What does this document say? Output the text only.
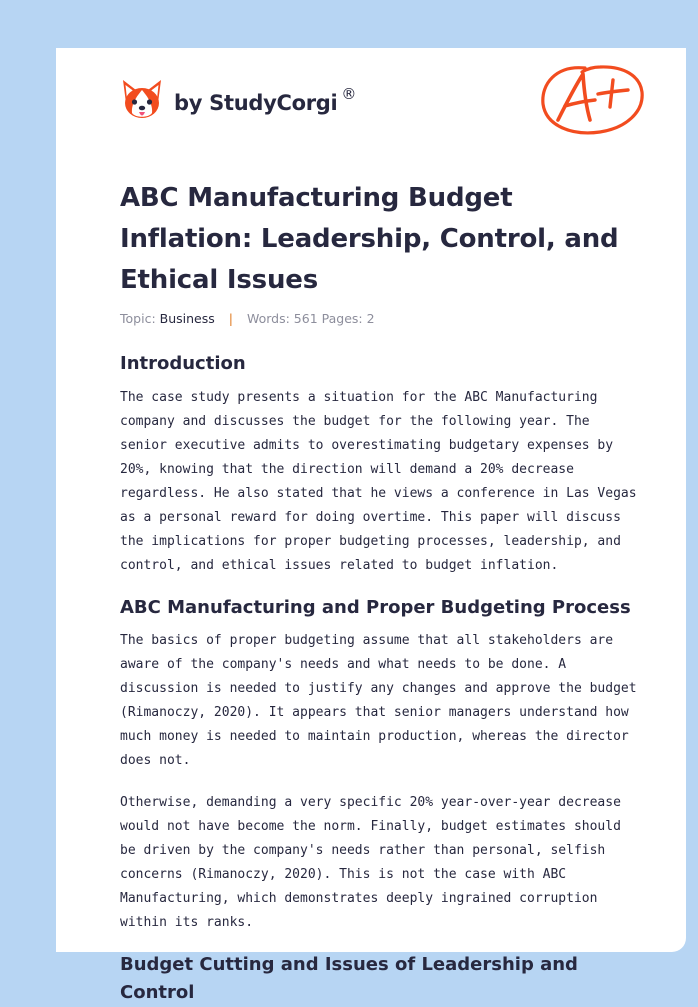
by StudyCorgi ®
ABC Manufacturing Budget Inflation: Leadership, Control, and Ethical Issues
Topic: Business | Words: 561 Pages: 2
Introduction

The case study presents a situation for the ABC Manufacturing company and discusses the budget for the following year. The senior executive admits to overestimating budgetary expenses by 20%, knowing that the direction will demand a 20% decrease regardless. He also stated that he views a conference in Las Vegas as a personal reward for doing overtime. This paper will discuss the implications for proper budgeting processes, leadership, and control, and ethical issues related to budget inflation.

ABC Manufacturing and Proper Budgeting Process

The basics of proper budgeting assume that all stakeholders are aware of the company's needs and what needs to be done. A discussion is needed to justify any changes and approve the budget (Rimanoczy, 2020). It appears that senior managers understand how much money is needed to maintain production, whereas the director does not.

Otherwise, demanding a very specific 20% year-over-year decrease would not have become the norm. Finally, budget estimates should be driven by the company's needs rather than personal, selfish concerns (Rimanoczy, 2020). This is not the case with ABC Manufacturing, which demonstrates deeply ingrained corruption within its ranks.

Budget Cutting and Issues of Leadership and Control
